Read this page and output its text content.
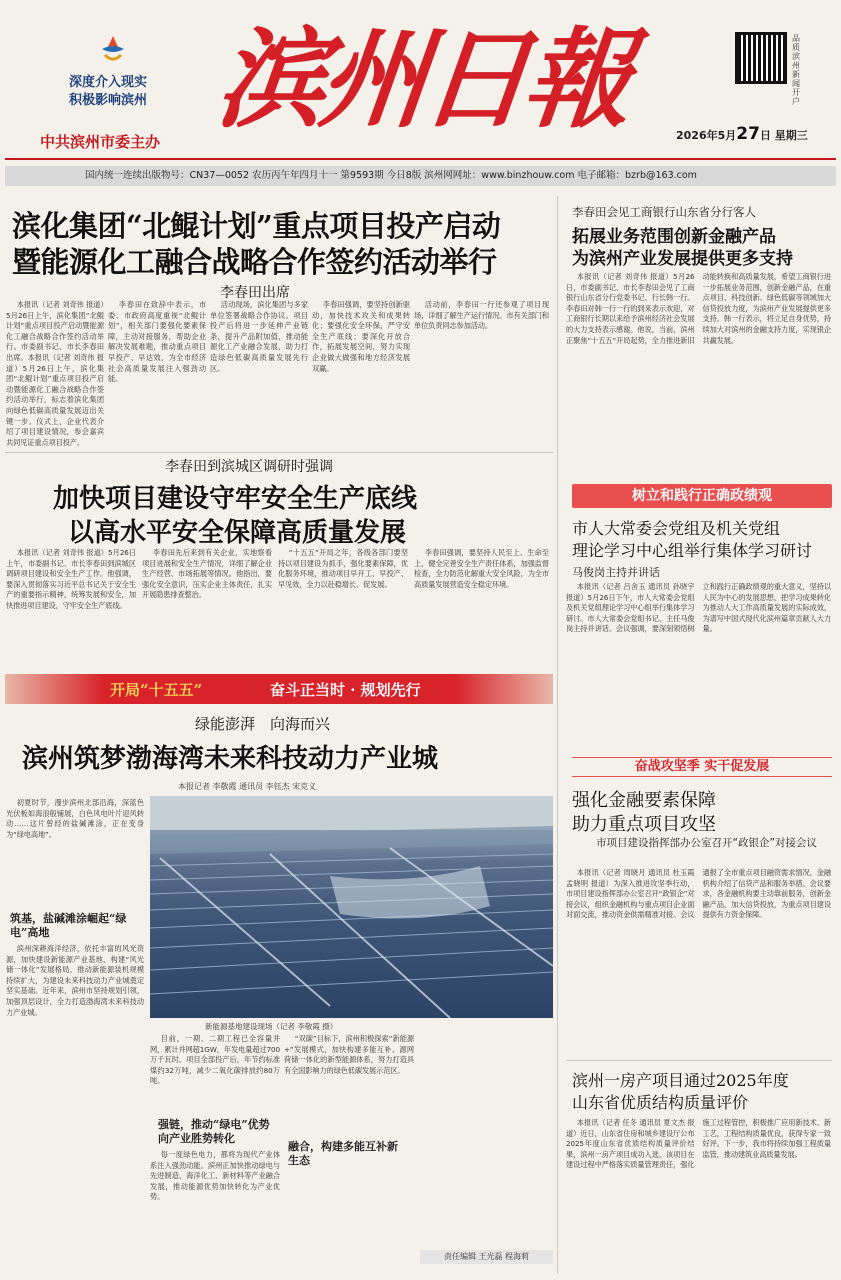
深度介入现实
积极影响滨州
中共滨州市委主办 滨州日報	品质滨州 新闻开户
2026年5月27日 星期三
国内统一连续出版物号：CN37—0052 农历丙午年四月十一 第9593期 今日8版 滨州网网址：www.binzhouw.com 电子邮箱：bzrb@163.com
滨化集团“北鲲计划”重点项目投产启动
暨能源化工融合战略合作签约活动举行
李春田出席
本报讯（记者 刘奇伟 报道）5月26日上午，滨化集团“北鲲计划”重点项目投产启动暨能源化工融合战略合作签约活动举行。市委副书记、市长李春田出席。本报讯（记者 刘奇伟 报道）5月26日上午，滨化集团“北鲲计划”重点项目投产启动暨能源化工融合战略合作签约活动举行，标志着滨化集团向绿色低碳高质量发展迈出关键一步。仪式上，企业代表介绍了项目建设情况，参会嘉宾共同见证重点项目投产。
李春田在致辞中表示，市委、市政府高度重视“北鲲计划”，相关部门要强化要素保障，主动对接服务，帮助企业解决发展难题，推动重点项目早投产、早达效，为全市经济社会高质量发展注入强劲动能。
活动现场，滨化集团与多家单位签署战略合作协议。项目投产后将进一步延伸产业链条，提升产品附加值，推动能源化工产业融合发展，助力打造绿色低碳高质量发展先行区。
李春田强调，要坚持创新驱动，加快技术攻关和成果转化；要强化安全环保，严守安全生产底线；要深化开放合作，拓展发展空间，努力实现企业做大做强和地方经济发展双赢。
活动前，李春田一行还参观了项目现场，详细了解生产运行情况。市有关部门和单位负责同志参加活动。
李春田到滨城区调研时强调
加快项目建设守牢安全生产底线
以高水平安全保障高质量发展
本报讯（记者 刘奇伟 报道）5月26日上午，市委副书记、市长李春田到滨城区调研项目建设和安全生产工作。他强调，要深入贯彻落实习近平总书记关于安全生产的重要指示精神，统筹发展和安全，加快推进项目建设，守牢安全生产底线。
李春田先后来到有关企业，实地察看项目进展和安全生产情况，详细了解企业生产经营、市场拓展等情况。他指出，要强化安全意识，压实企业主体责任，扎实开展隐患排查整治。
“十五五”开局之年，各级各部门要坚持以项目建设为抓手，强化要素保障，优化服务环境，推动项目早开工、早投产、早见效，全力以赴稳增长、促发展。
李春田强调，要坚持人民至上、生命至上，健全完善安全生产责任体系，加强监督检查，全力防范化解重大安全风险，为全市高质量发展营造安全稳定环境。
开局“十五五”	奋斗正当时 · 规划先行
绿能澎湃　向海而兴
滨州筑梦渤海湾未来科技动力产业城
本报记者 李敬霞 通讯员 李钰杰 宋克义
初夏时节，漫步滨州北部沿海，深蓝色光伏板如海浪般铺展，白色风电叶片迎风转动……这片曾经的盐碱滩涂，正在变身为“绿电高地”。
筑基，盐碱滩涂崛起“绿电”高地
滨州深耕海洋经济，依托丰富的风光资源，加快建设新能源产业基地，构建“风光储一体化”发展格局，推动新能源装机规模持续扩大，为建设未来科技动力产业城奠定坚实基础。近年来，滨州市坚持规划引领，加强顶层设计，全力打造渤海湾未来科技动力产业城。
新能源基地建设现场（记者 李敬霞 摄）
目前，一期、二期工程已全容量并网，累计并网超1GW，年发电量超过700万千瓦时。项目全部投产后，年节约标准煤约32万吨，减少二氧化碳排放约80万吨。
强链，推动“绿电”优势向产业胜势转化
每一度绿色电力，都将为现代产业体系注入强劲动能。滨州正加快推动绿电与先进制造、海洋化工、新材料等产业融合发展，推动能源优势加快转化为产业优势。
融合，构建多能互补新生态
“双碳”目标下，滨州积极探索“新能源+”发展模式，加快构建多能互补、源网荷储一体化的新型能源体系，努力打造具有全国影响力的绿色低碳发展示范区。
责任编辑 王光磊 程海莉
李春田会见工商银行山东省分行客人
拓展业务范围创新金融产品
为滨州产业发展提供更多支持
本报讯（记者 刘奇伟 报道）5月26日，市委副书记、市长李春田会见了工商银行山东省分行党委书记、行长韩一行。李春田对韩一行一行的到来表示欢迎，对工商银行长期以来给予滨州经济社会发展的大力支持表示感谢。他说，当前，滨州正聚焦“十五五”开局起势，全力推进新旧动能转换和高质量发展，希望工商银行进一步拓展业务范围，创新金融产品，在重点项目、科技创新、绿色低碳等领域加大信贷投放力度，为滨州产业发展提供更多支持。韩一行表示，将立足自身优势，持续加大对滨州的金融支持力度，实现银企共赢发展。
树立和践行正确政绩观
市人大常委会党组及机关党组
理论学习中心组举行集体学习研讨
马俊岗主持并讲话
本报讯（记者 吕舍玉 通讯员 孙晓宇 报道）5月26日下午，市人大常委会党组及机关党组理论学习中心组举行集体学习研讨。市人大常委会党组书记、主任马俊岗主持并讲话。会议强调，要深刻领悟树立和践行正确政绩观的重大意义，坚持以人民为中心的发展思想，把学习成果转化为推动人大工作高质量发展的实际成效，为谱写中国式现代化滨州篇章贡献人大力量。
奋战攻坚季 实干促发展
强化金融要素保障
助力重点项目攻坚
市项目建设指挥部办公室召开“政银企”对接会议
本报讯（记者 周晓月 通讯员 杜玉霞 孟晓明 报道）为深入推进攻坚季行动，市项目建设指挥部办公室召开“政银企”对接会议，组织金融机构与重点项目企业面对面交流，推动资金供需精准对接。会议通报了全市重点项目融资需求情况，金融机构介绍了信贷产品和服务举措。会议要求，各金融机构要主动靠前服务，创新金融产品，加大信贷投放，为重点项目建设提供有力资金保障。
滨州一房产项目通过2025年度
山东省优质结构质量评价
本报讯（记者 任冬 通讯员 夏文杰 报道）近日，山东省住房和城乡建设厅公布2025年度山东省优质结构质量评价结果，滨州一房产项目成功入选。该项目在建设过程中严格落实质量管理责任，强化施工过程管控，积极推广应用新技术、新工艺，工程结构质量优良，获得专家一致好评。下一步，我市将持续加强工程质量监管，推动建筑业高质量发展。
